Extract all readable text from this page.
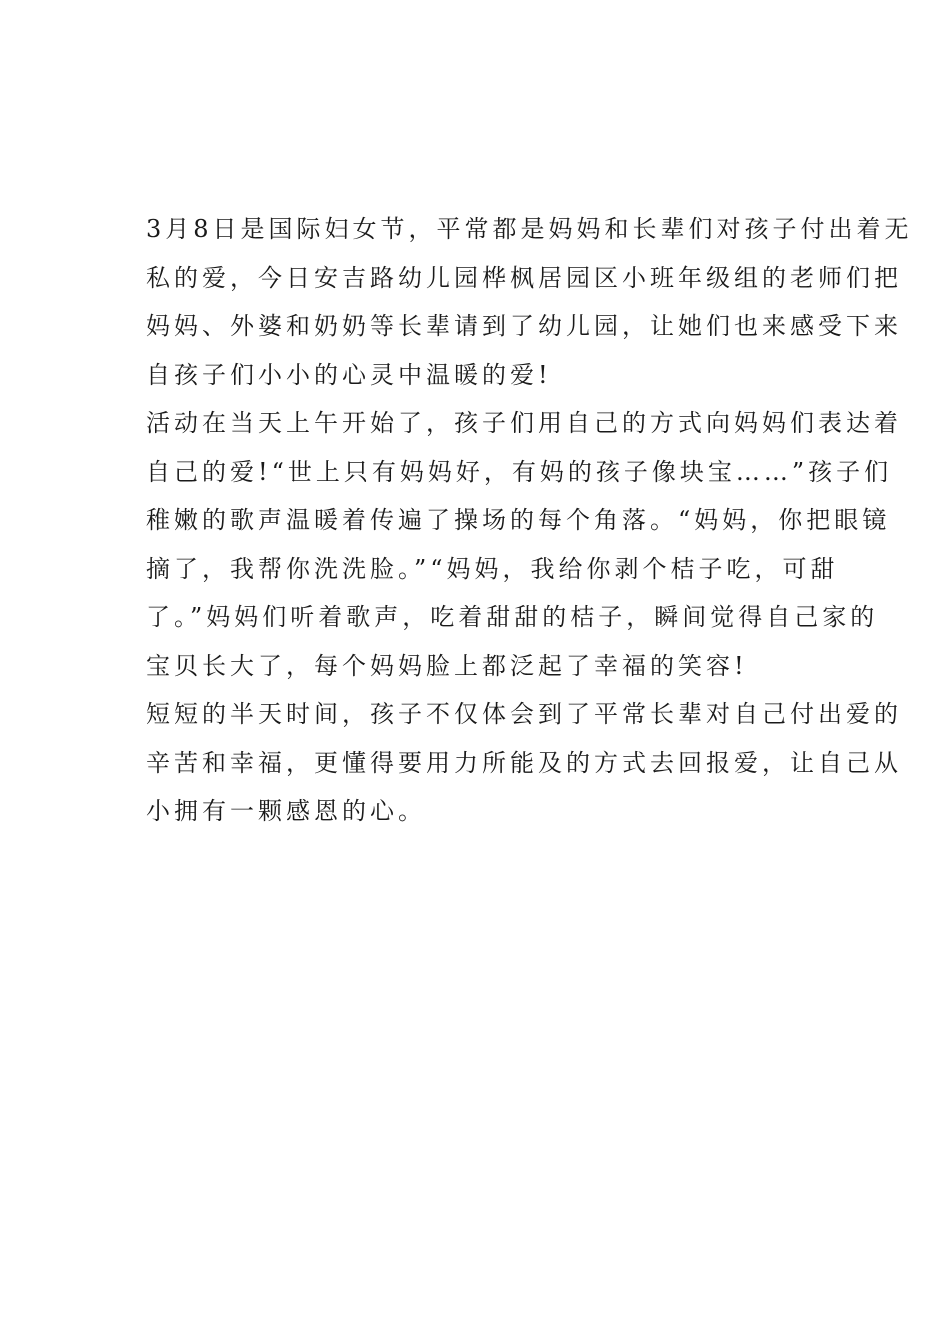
3月8日是国际妇女节，平常都是妈妈和长辈们对孩子付出着无

私的爱，今日安吉路幼儿园桦枫居园区小班年级组的老师们把

妈妈、外婆和奶奶等长辈请到了幼儿园，让她们也来感受下来

自孩子们小小的心灵中温暖的爱!

活动在当天上午开始了，孩子们用自己的方式向妈妈们表达着

自己的爱!“世上只有妈妈好，有妈的孩子像块宝……”孩子们

稚嫩的歌声温暖着传遍了操场的每个角落。“妈妈，你把眼镜

摘了，我帮你洗洗脸。”“妈妈，我给你剥个桔子吃，可甜

了。”妈妈们听着歌声，吃着甜甜的桔子，瞬间觉得自己家的

宝贝长大了，每个妈妈脸上都泛起了幸福的笑容!

短短的半天时间，孩子不仅体会到了平常长辈对自己付出爱的

辛苦和幸福，更懂得要用力所能及的方式去回报爱，让自己从

小拥有一颗感恩的心。
